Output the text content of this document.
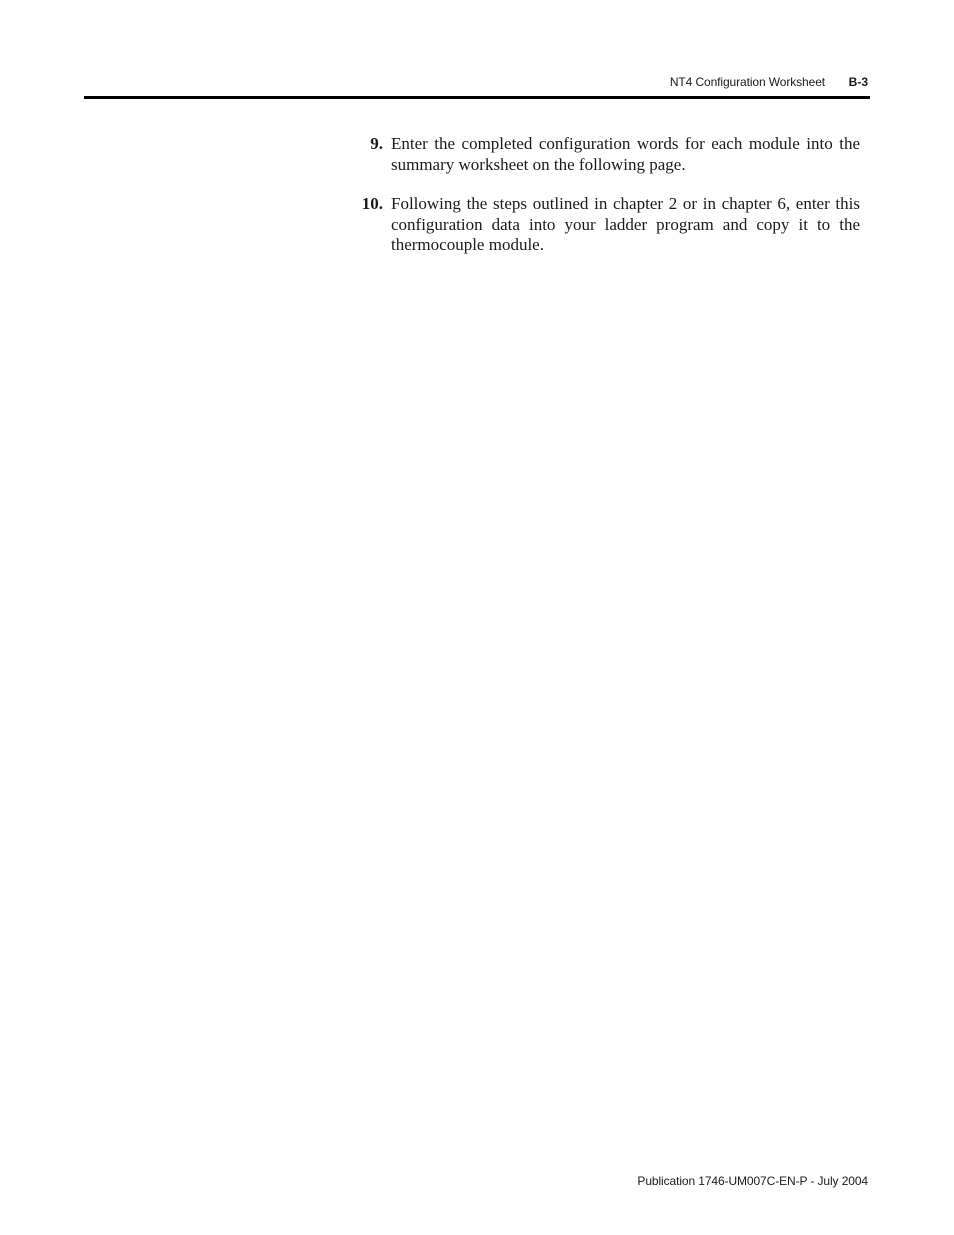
NT4 Configuration Worksheet B-3
9. Enter the completed configuration words for each module into the summary worksheet on the following page.
10. Following the steps outlined in chapter 2 or in chapter 6, enter this configuration data into your ladder program and copy it to the thermocouple module.
Publication 1746-UM007C-EN-P - July 2004
